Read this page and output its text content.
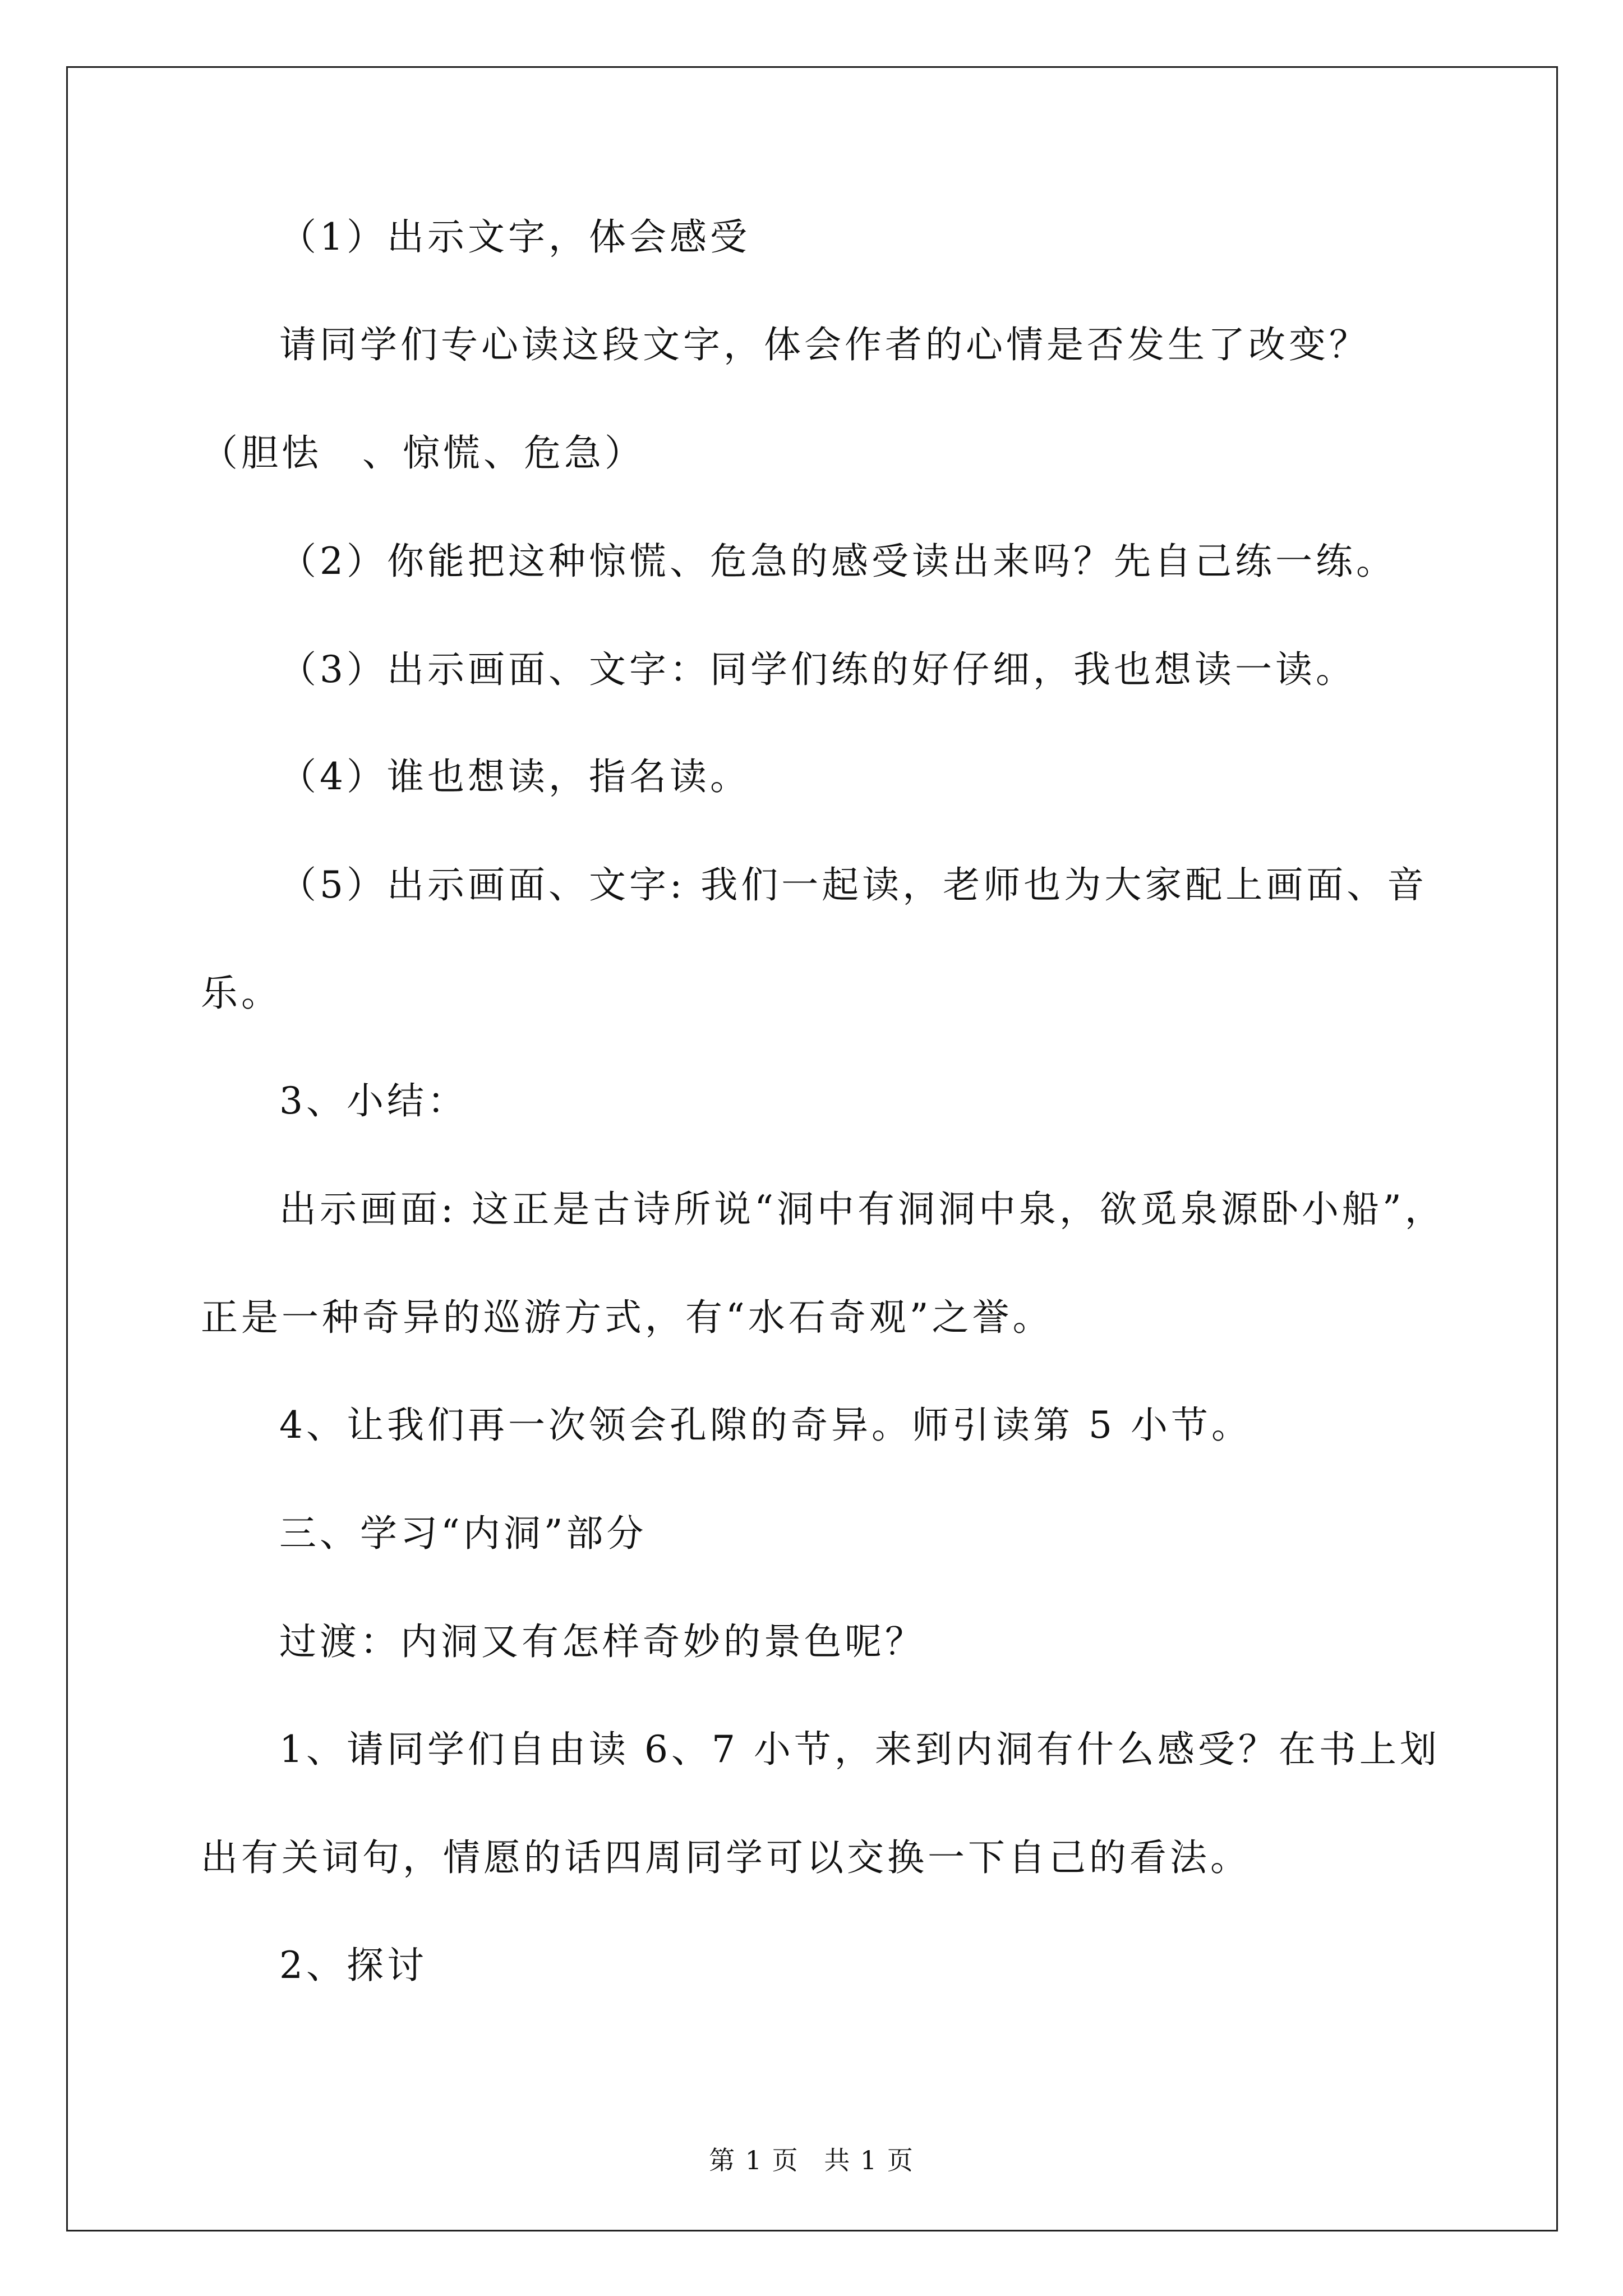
（1）出示文字，体会感受
请同学们专心读这段文字，体会作者的心情是否发生了改变？
（胆怯　、惊慌、危急）
（2）你能把这种惊慌、危急的感受读出来吗？先自己练一练。
（3）出示画面、文字：同学们练的好仔细，我也想读一读。
（4）谁也想读，指名读。
（5）出示画面、文字: 我们一起读，老师也为大家配上画面、音
乐。
3、小结：
出示画面: 这正是古诗所说“洞中有洞洞中泉，欲觅泉源卧小船”，
正是一种奇异的巡游方式，有“水石奇观”之誉。
4、让我们再一次领会孔隙的奇异。师引读第 5 小节。
三、学习“内洞”部分
过渡：内洞又有怎样奇妙的景色呢？
1、请同学们自由读 6、7 小节，来到内洞有什么感受？在书上划
出有关词句，情愿的话四周同学可以交换一下自己的看法。
2、探讨
第 1 页 共 1 页
